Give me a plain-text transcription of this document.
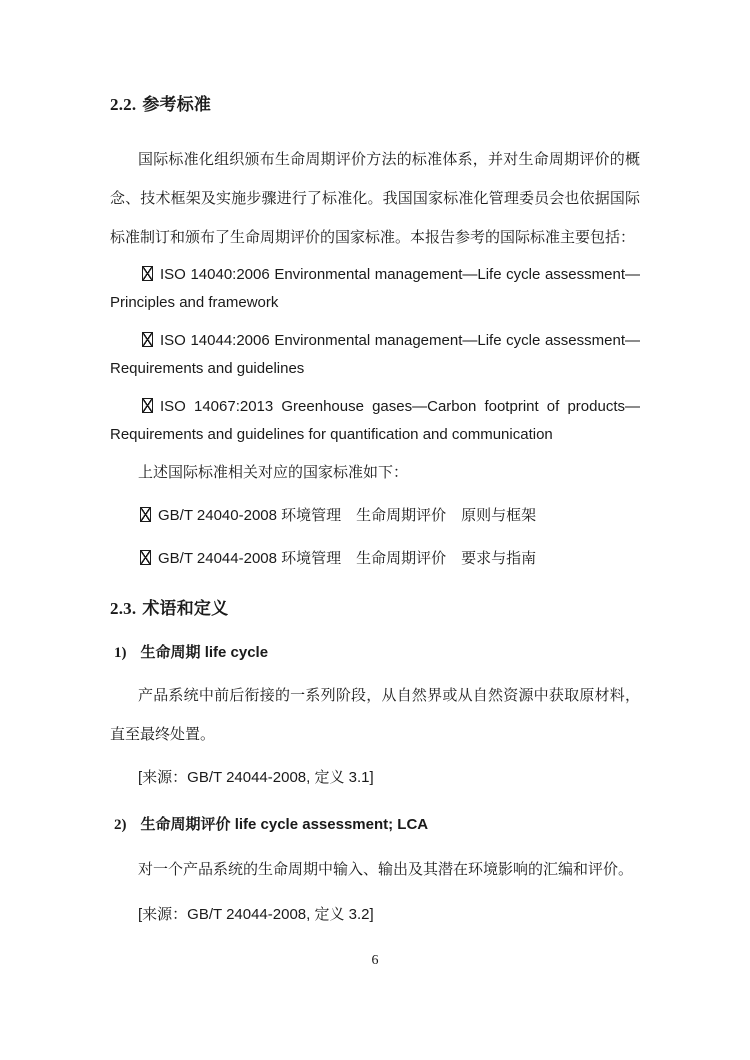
2.2. 参考标准
国际标准化组织颁布生命周期评价方法的标准体系，并对生命周期评价的概念、技术框架及实施步骤进行了标准化。我国国家标准化管理委员会也依据国际标准制订和颁布了生命周期评价的国家标准。本报告参考的国际标准主要包括：
ISO 14040:2006 Environmental management—Life cycle assessment—
Principles and framework
ISO 14044:2006 Environmental management—Life cycle assessment—
Requirements and guidelines
ISO 14067:2013 Greenhouse gases—Carbon footprint of products—
Requirements and guidelines for quantification and communication
上述国际标准相关对应的国家标准如下：
GB/T 24040-2008 环境管理　生命周期评价　原则与框架
GB/T 24044-2008 环境管理　生命周期评价　要求与指南
2.3. 术语和定义
1) 生命周期 life cycle
产品系统中前后衔接的一系列阶段，从自然界或从自然资源中获取原材料，直至最终处置。
[来源：GB/T 24044-2008, 定义 3.1]
2) 生命周期评价 life cycle assessment; LCA
对一个产品系统的生命周期中输入、输出及其潜在环境影响的汇编和评价。
[来源：GB/T 24044-2008, 定义 3.2]
6
